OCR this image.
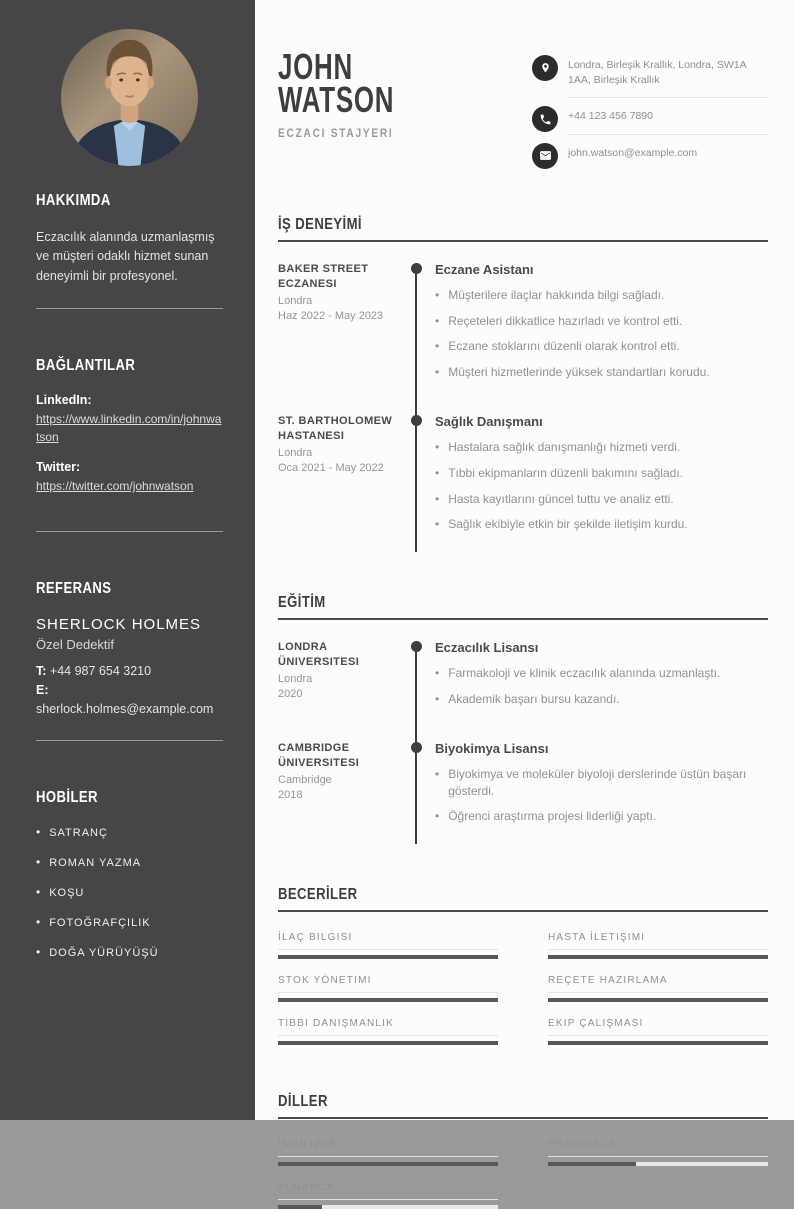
HAKKIMDA

Eczacılık alanında uzmanlaşmış ve müşteri odaklı hizmet sunan deneyimli bir profesyonel.

BAĞLANTILAR
LinkedIn:
https://www.linkedin.com/in/johnwatson
Twitter:
https://twitter.com/johnwatson
REFERANS
SHERLOCK HOLMES
Özel Dedektif
T: +44 987 654 3210
E: sherlock.holmes@example.com
HOBİLER
• SATRANÇ
• ROMAN YAZMA
• KOŞU
• FOTOĞRAFÇILIK
• DOĞA YÜRÜYÜŞÜ
JOHN
WATSON
ECZACI STAJYERI
Londra, Birleşik Krallık, Londra, SW1A 1AA, Birleşik Krallık
+44 123 456 7890
john.watson@example.com
İŞ DENEYİMİ
BAKER STREET ECZANESI
Londra
Haz 2022 - May 2023
Eczane Asistanı
• Müşterilere ilaçlar hakkında bilgi sağladı.
• Reçeteleri dikkatlice hazırladı ve kontrol etti.
• Eczane stoklarını düzenli olarak kontrol etti.
• Müşteri hizmetlerinde yüksek standartları korudu.
ST. BARTHOLOMEW HASTANESI
Londra
Oca 2021 - May 2022
Sağlık Danışmanı
• Hastalara sağlık danışmanlığı hizmeti verdi.
• Tıbbi ekipmanların düzenli bakımını sağladı.
• Hasta kayıtlarını güncel tuttu ve analiz etti.
• Sağlık ekibiyle etkin bir şekilde iletişim kurdu.
EĞİTİM
LONDRA ÜNIVERSITESI
Londra
2020
Eczacılık Lisansı
• Farmakoloji ve klinik eczacılık alanında uzmanlaştı.
• Akademik başarı bursu kazandı.
CAMBRIDGE ÜNIVERSITESI
Cambridge
2018
Biyokimya Lisansı
• Biyokimya ve moleküler biyoloji derslerinde üstün başarı gösterdi.
• Öğrenci araştırma projesi liderliği yaptı.
BECERİLER
İLAÇ BILGISI	HASTA İLETIŞIMI
STOK YÖNETIMI	REÇETE HAZIRLAMA
TIBBI DANIŞMANLIK	EKIP ÇALIŞMASI
DİLLER
İNGILIZCE	FRANSIZCA
ALMANCA
